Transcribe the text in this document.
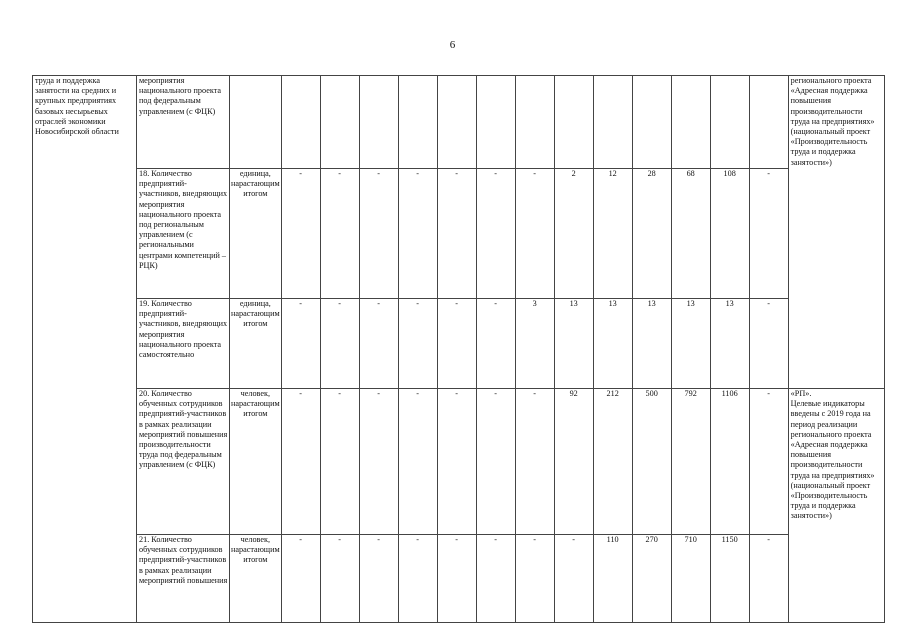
6
труда и поддержка занятости на средних и крупных предприятиях базовых несырьевых отраслей экономики Новосибирской области	мероприятия национального проекта под федеральным управлением (с ФЦК)															регионального проекта «Адресная поддержка повышения производительности труда на предприятиях» (национальный проект «Производительность труда и поддержка занятости»)

	18. Количество предприятий-участников, внедряющих мероприятия национального проекта под региональным управлением (с региональными центрами компетенций – РЦК)	единица, нарастающим итогом	-	-	-	-	-	-	-	2	12	28	68	108	-	

	19. Количество предприятий-участников, внедряющих мероприятия национального проекта самостоятельно	единица, нарастающим итогом	-	-	-	-	-	-	3	13	13	13	13	13	-	

	20. Количество обученных сотрудников предприятий-участников в рамках реализации мероприятий повышения производительности труда под федеральным управлением (с ФЦК)	человек, нарастающим итогом	-	-	-	-	-	-	-	92	212	500	792	1106	-	«РП».
Целевые индикаторы введены с 2019 года на период реализации регионального проекта «Адресная поддержка повышения производительности труда на предприятиях» (национальный проект «Производительность труда и поддержка занятости»)

	21. Количество обученных сотрудников предприятий-участников в рамках реализации мероприятий повышения	человек, нарастающим итогом	-	-	-	-	-	-	-	-	110	270	710	1150	-	
